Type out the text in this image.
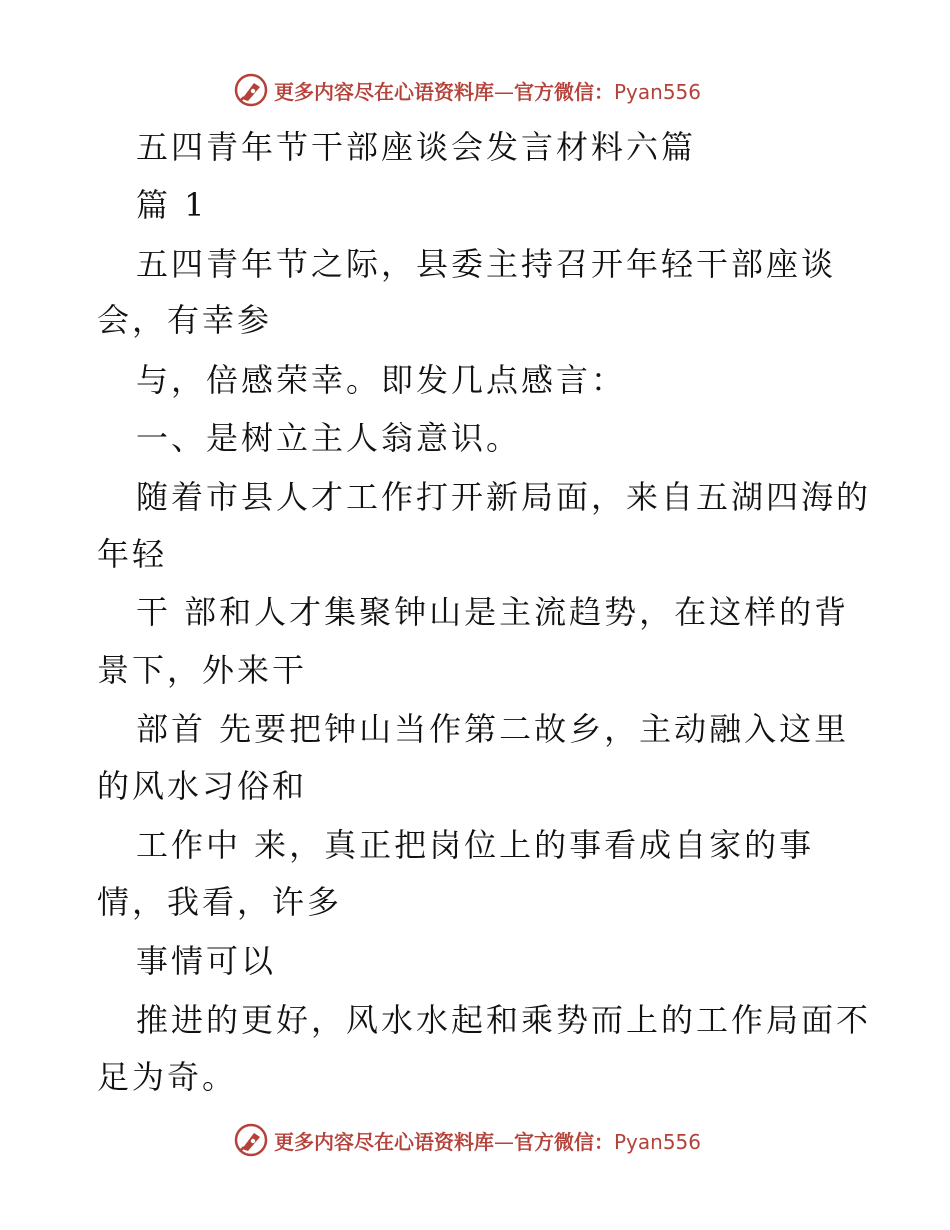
更多内容尽在心语资料库—官方微信：Pyan556
五四青年节干部座谈会发言材料六篇
篇 1
五四青年节之际，县委主持召开年轻干部座谈
会，有幸参
与，倍感荣幸。即发几点感言：
一、是树立主人翁意识。
随着市县人才工作打开新局面，来自五湖四海的
年轻
干 部和人才集聚钟山是主流趋势，在这样的背
景下，外来干
部首 先要把钟山当作第二故乡，主动融入这里
的风水习俗和
工作中 来，真正把岗位上的事看成自家的事
情，我看，许多
事情可以
推进的更好，风水水起和乘势而上的工作局面不
足为奇。
更多内容尽在心语资料库—官方微信：Pyan556
